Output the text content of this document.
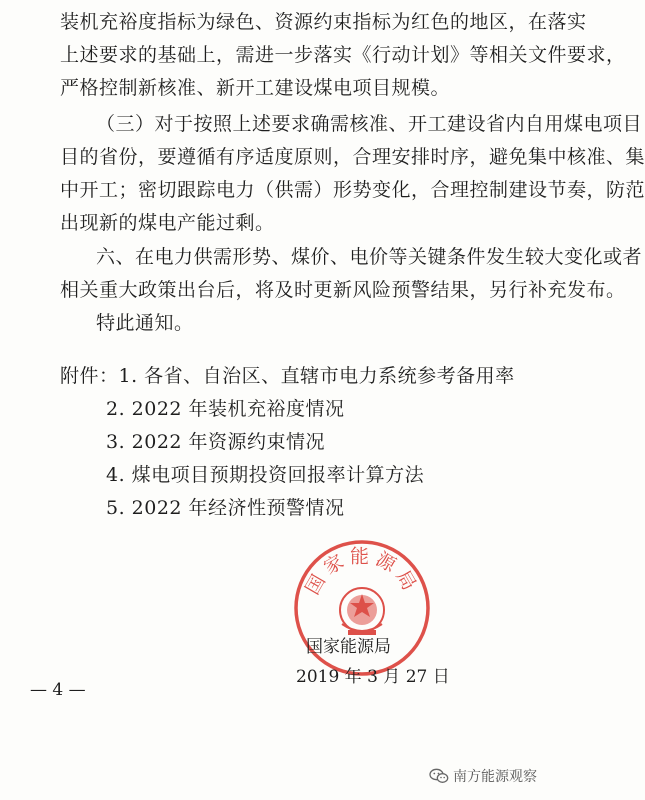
装机充裕度指标为绿色、资源约束指标为红色的地区，在落实
上述要求的基础上，需进一步落实《行动计划》等相关文件要求，
严格控制新核准、新开工建设煤电项目规模。
（三）对于按照上述要求确需核准、开工建设省内自用煤电项目
目的省份，要遵循有序适度原则，合理安排时序，避免集中核准、集
中开工；密切跟踪电力（供需）形势变化，合理控制建设节奏，防范
出现新的煤电产能过剩。
六、在电力供需形势、煤价、电价等关键条件发生较大变化或者
相关重大政策出台后，将及时更新风险预警结果，另行补充发布。
特此通知。
附件：1. 各省、自治区、直辖市电力系统参考备用率
2. 2022 年装机充裕度情况
3. 2022 年资源约束情况
4. 煤电项目预期投资回报率计算方法
5. 2022 年经济性预警情况
国家能源局
国家能源局
2019 年 3 月 27 日
— 4 —
南方能源观察
